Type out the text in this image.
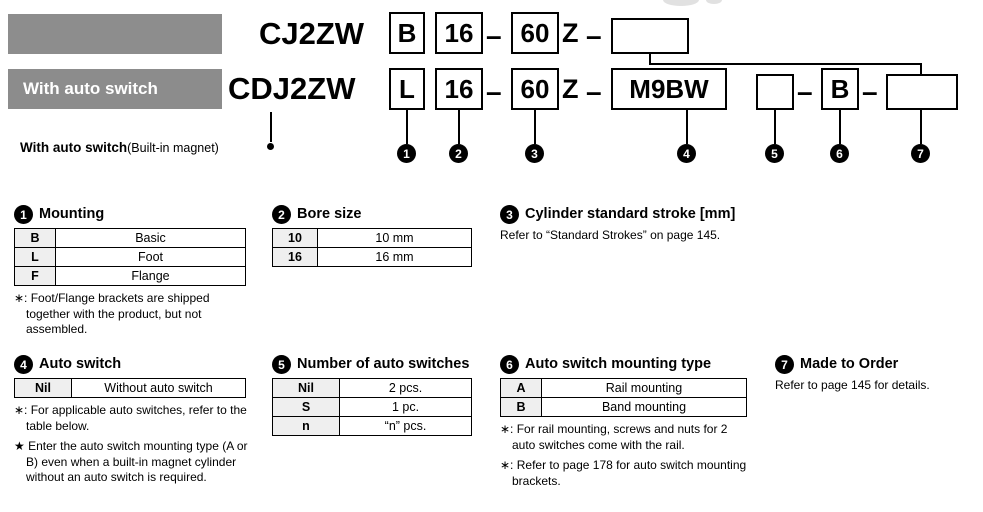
With auto switch
CJ2ZW	B	16 – 60 Z –
CDJ2ZW	L	16 – 60 Z –	M9BW	– B –
1	2	3	4	5	6	7
With auto switch(Built-in magnet)
1 Mounting
B	Basic
L	Foot
F	Flange
∗: Foot/Flange brackets are shipped together with the product, but not assembled.
2 Bore size
10	10 mm
16	16 mm
3 Cylinder standard stroke [mm]
Refer to “Standard Strokes” on page 145.
4 Auto switch
Nil	Without auto switch
∗: For applicable auto switches, refer to the table below.
★ Enter the auto switch mounting type (A or B) even when a built-in magnet cylinder without an auto switch is required.
5 Number of auto switches
Nil	2 pcs.
S	1 pc.
n	“n” pcs.
6 Auto switch mounting type
A	Rail mounting
B	Band mounting
∗: For rail mounting, screws and nuts for 2 auto switches come with the rail.
∗: Refer to page 178 for auto switch mounting brackets.
7 Made to Order
Refer to page 145 for details.
